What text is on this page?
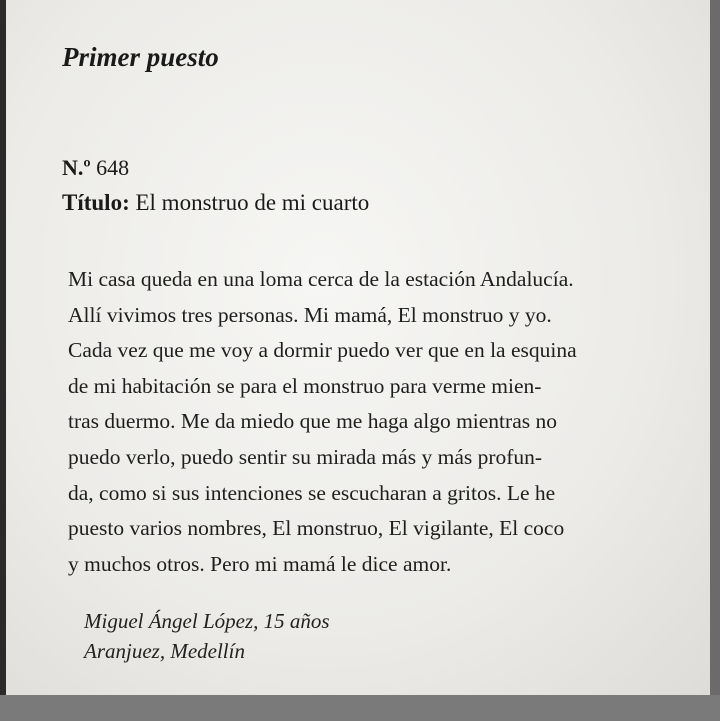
Primer puesto
N.º 648
Título: El monstruo de mi cuarto
Mi casa queda en una loma cerca de la estación Andalucía.
Allí vivimos tres personas. Mi mamá, El monstruo y yo.
Cada vez que me voy a dormir puedo ver que en la esquina
de mi habitación se para el monstruo para verme mien-
tras duermo. Me da miedo que me haga algo mientras no
puedo verlo, puedo sentir su mirada más y más profun-
da, como si sus intenciones se escucharan a gritos. Le he
puesto varios nombres, El monstruo, El vigilante, El coco
y muchos otros. Pero mi mamá le dice amor.
Miguel Ángel López, 15 años
Aranjuez, Medellín
